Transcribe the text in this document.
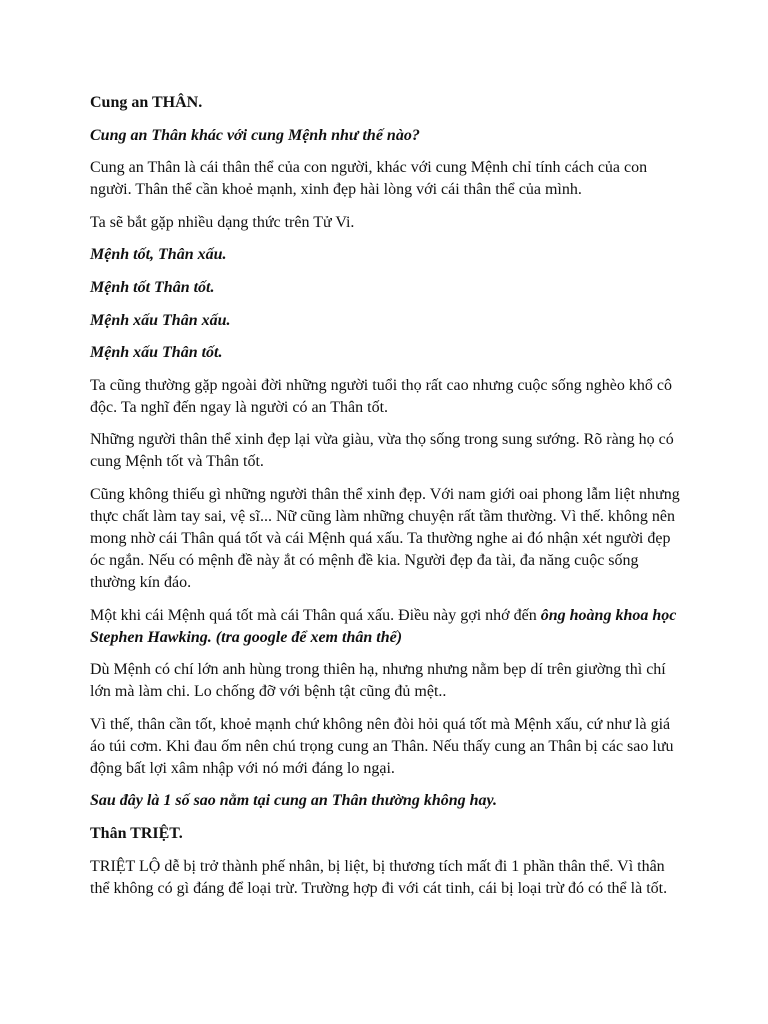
Cung an THÂN.

Cung an Thân khác với cung Mệnh như thế nào?

Cung an Thân là cái thân thể của con người, khác với cung Mệnh chỉ tính cách của con người. Thân thể cần khoẻ mạnh, xinh đẹp hài lòng với cái thân thể của mình.

Ta sẽ bắt gặp nhiều dạng thức trên Tử Vi.

Mệnh tốt, Thân xấu.

Mệnh tốt Thân tốt.

Mệnh xấu Thân xấu.

Mệnh xấu Thân tốt.

Ta cũng thường gặp ngoài đời những người tuổi thọ rất cao nhưng cuộc sống nghèo khổ cô độc. Ta nghĩ đến ngay là người có an Thân tốt.

Những người thân thể xinh đẹp lại vừa giàu, vừa thọ sống trong sung sướng. Rõ ràng họ có cung Mệnh tốt và Thân tốt.

Cũng không thiếu gì những người thân thể xinh đẹp. Với nam giới oai phong lẫm liệt nhưng thực chất làm tay sai, vệ sĩ... Nữ cũng làm những chuyện rất tầm thường. Vì thế. không nên mong nhờ cái Thân quá tốt và cái Mệnh quá xấu. Ta thường nghe ai đó nhận xét người đẹp óc ngắn. Nếu có mệnh đề này ắt có mệnh đề kia. Người đẹp đa tài, đa năng cuộc sống thường kín đáo.

Một khi cái Mệnh quá tốt mà cái Thân quá xấu. Điều này gợi nhớ đến ông hoàng khoa học Stephen Hawking. (tra google để xem thân thế)

Dù Mệnh có chí lớn anh hùng trong thiên hạ, nhưng nhưng nằm bẹp dí trên giường thì chí lớn mà làm chi. Lo chống đỡ với bệnh tật cũng đủ mệt..

Vì thế, thân cần tốt, khoẻ mạnh chứ không nên đòi hỏi quá tốt mà Mệnh xấu, cứ như là giá áo túi cơm. Khi đau ốm nên chú trọng cung an Thân. Nếu thấy cung an Thân bị các sao lưu động bất lợi xâm nhập với nó mới đáng lo ngại.

Sau đây là 1 số sao nằm tại cung an Thân thường không hay.

Thân TRIỆT.

TRIỆT LỘ dễ bị trở thành phế nhân, bị liệt, bị thương tích mất đi 1 phần thân thể. Vì thân thể không có gì đáng để loại trừ. Trường hợp đi với cát tinh, cái bị loại trừ đó có thể là tốt.
